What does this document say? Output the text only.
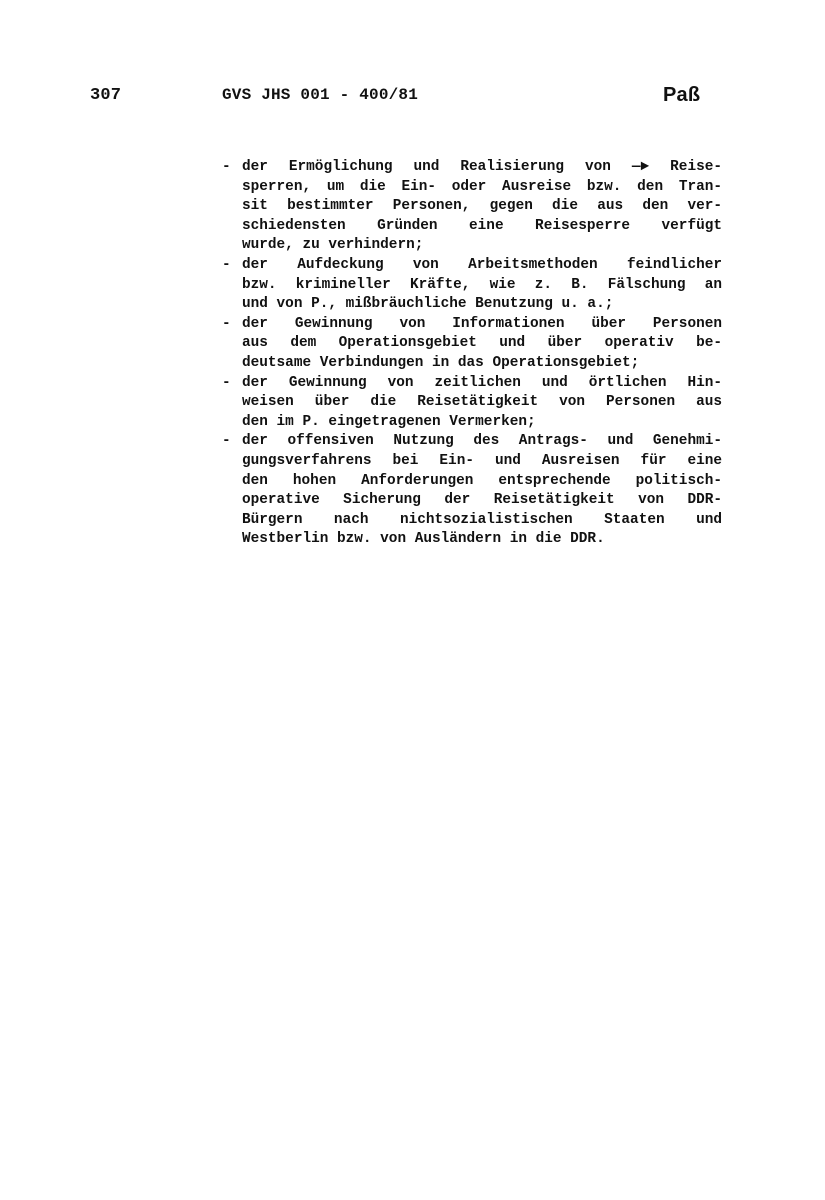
307	GVS JHS 001 - 400/81	Paß
- der Ermöglichung und Realisierung von —► Reise-
sperren, um die Ein- oder Ausreise bzw. den Tran-
sit bestimmter Personen, gegen die aus den ver-
schiedensten Gründen eine Reisesperre verfügt
wurde, zu verhindern;
- der Aufdeckung von Arbeitsmethoden feindlicher
bzw. krimineller Kräfte, wie z. B. Fälschung an
und von P., mißbräuchliche Benutzung u. a.;
- der Gewinnung von Informationen über Personen
aus dem Operationsgebiet und über operativ be-
deutsame Verbindungen in das Operationsgebiet;
- der Gewinnung von zeitlichen und örtlichen Hin-
weisen über die Reisetätigkeit von Personen aus
den im P. eingetragenen Vermerken;
- der offensiven Nutzung des Antrags- und Genehmi-
gungsverfahrens bei Ein- und Ausreisen für eine
den hohen Anforderungen entsprechende politisch-
operative Sicherung der Reisetätigkeit von DDR-
Bürgern nach nichtsozialistischen Staaten und
Westberlin bzw. von Ausländern in die DDR.
